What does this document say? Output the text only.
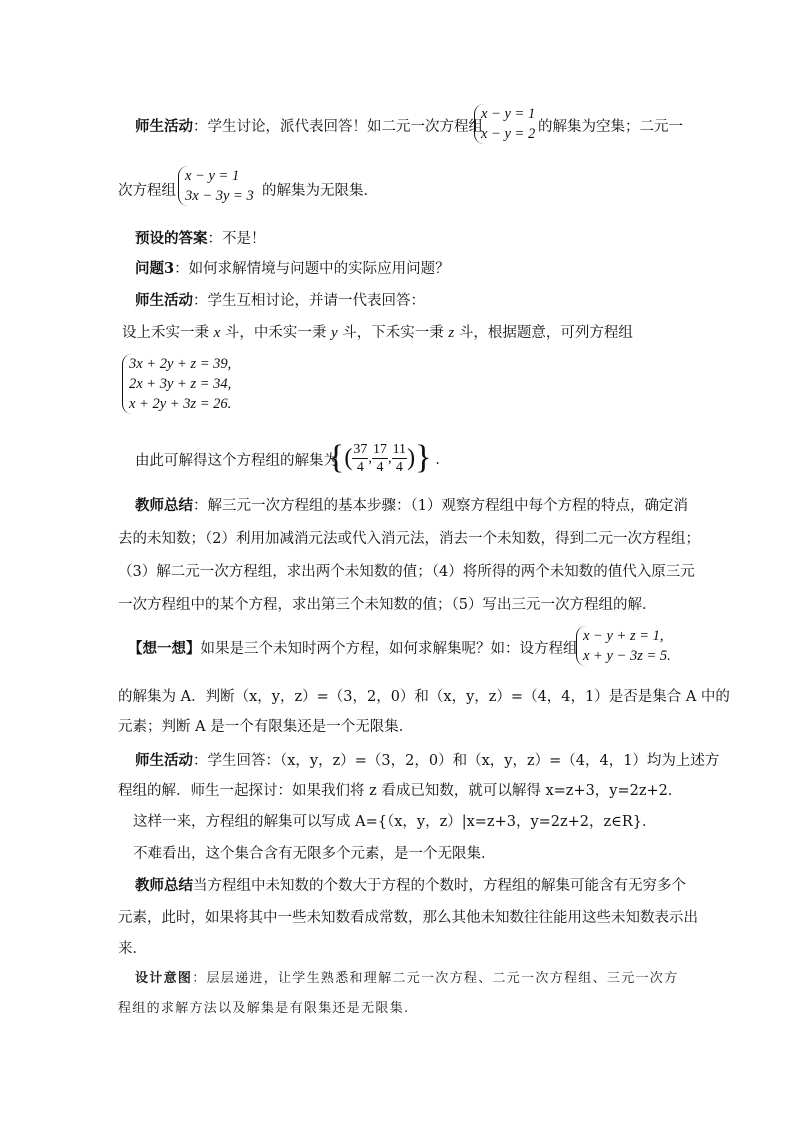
师生活动：学生讨论，派代表回答！如二元一次方程组
x − y = 1
x − y = 2 的解集为空集；二元一
次方程组
x − y = 1
3x − 3y = 3 的解集为无限集．
预设的答案：不是！
问题3：如何求解情境与问题中的实际应用问题？
师生活动：学生互相讨论，并请一代表回答：
设上禾实一秉 x 斗，中禾实一秉 y 斗，下禾实一秉 z 斗，根据题意，可列方程组
3x + 2y + z = 39,
2x + 3y + z = 34,
x + 2y + 3z = 26.
由此可解得这个方程组的解集为
{ ( $\frac{37}{4}$ , $\frac{17}{4}$ , $\frac{11}{4}$ ) } ．
教师总结：解三元一次方程组的基本步骤：（1）观察方程组中每个方程的特点，确定消
去的未知数；（2）利用加减消元法或代入消元法，消去一个未知数，得到二元一次方程组；
（3）解二元一次方程组，求出两个未知数的值；（4）将所得的两个未知数的值代入原三元
一次方程组中的某个方程，求出第三个未知数的值；（5）写出三元一次方程组的解．
【想一想】如果是三个未知时两个方程，如何求解集呢？如：设方程组
x − y + z = 1,
x + y − 3z = 5.
的解集为 A．判断（x，y，z）=（3，2，0）和（x，y，z）=（4，4，1）是否是集合 A 中的
元素；判断 A 是一个有限集还是一个无限集．
师生活动：学生回答：（x，y，z）=（3，2，0）和（x，y，z）=（4，4，1）均为上述方
程组的解．师生一起探讨：如果我们将 z 看成已知数，就可以解得 x=z+3，y=2z+2．
这样一来，方程组的解集可以写成 A={（x，y，z）|x=z+3，y=2z+2，z∈R}．
不难看出，这个集合含有无限多个元素，是一个无限集．
教师总结当方程组中未知数的个数大于方程的个数时，方程组的解集可能含有无穷多个
元素，此时，如果将其中一些未知数看成常数，那么其他未知数往往能用这些未知数表示出
来．
设计意图：层层递进，让学生熟悉和理解二元一次方程、二元一次方程组、三元一次方
程组的求解方法以及解集是有限集还是无限集.
